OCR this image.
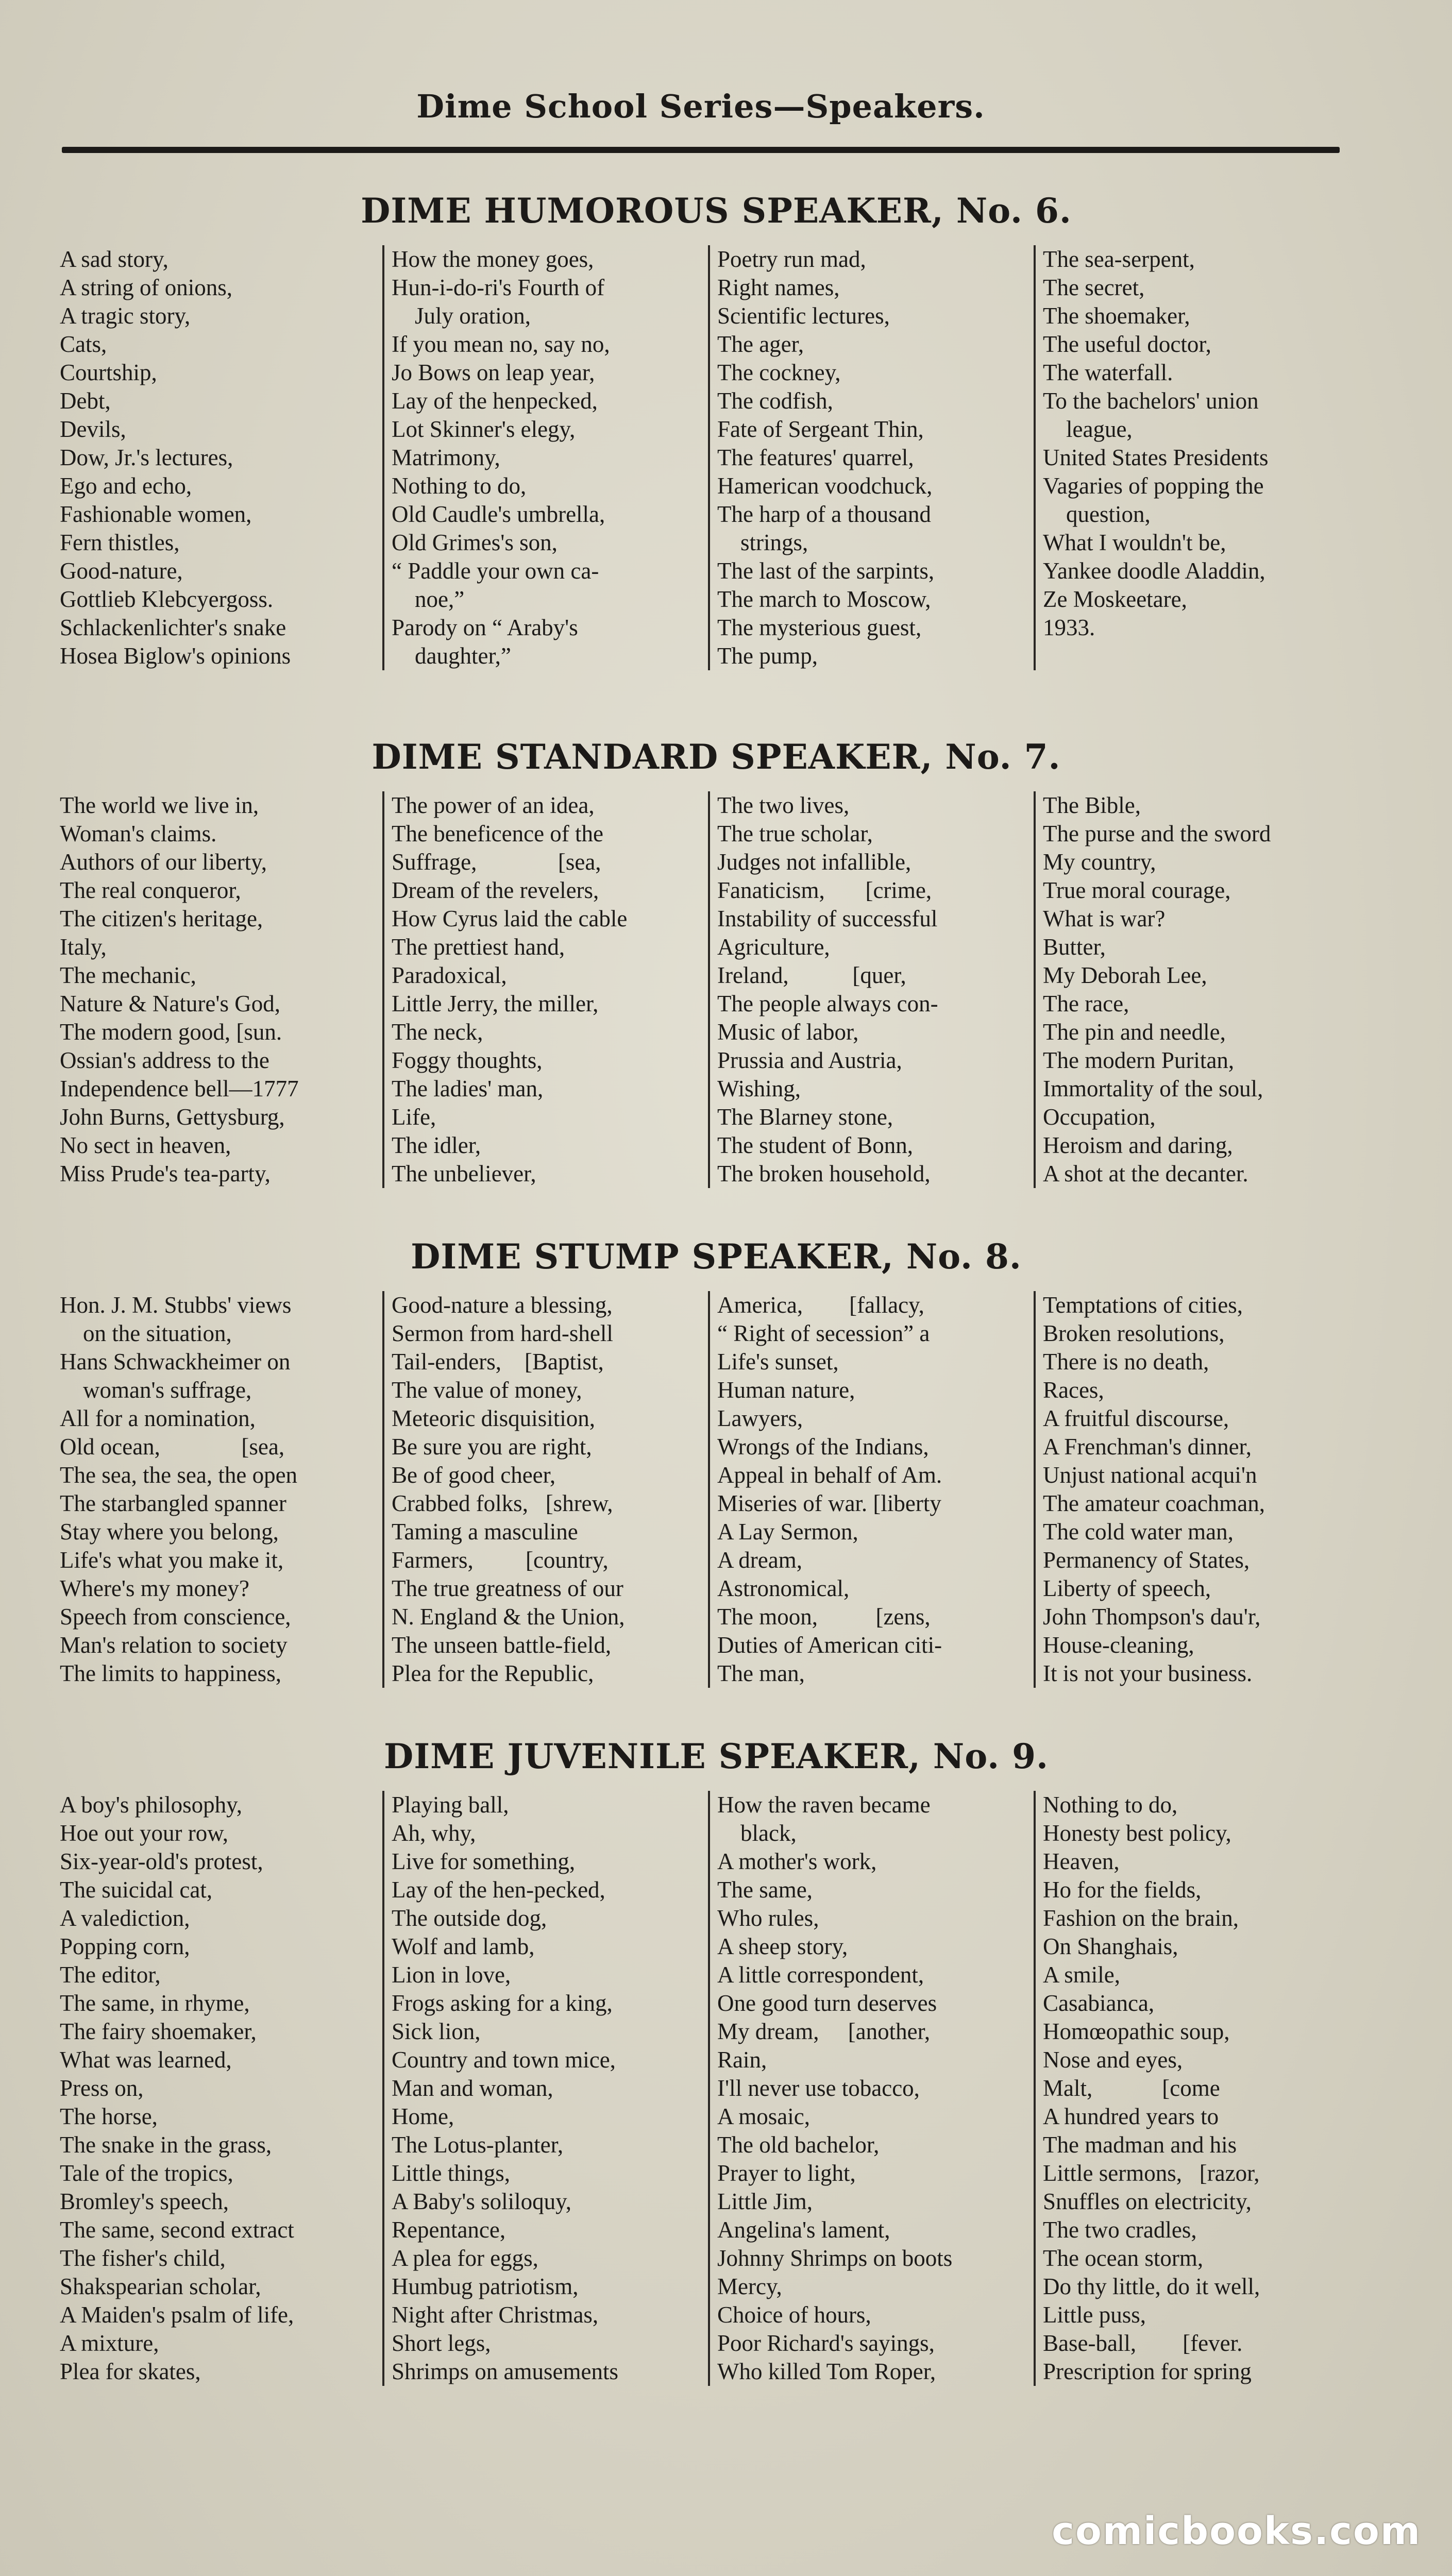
Dime School Series—Speakers.
DIME HUMOROUS SPEAKER, No. 6.
A sad story,
A string of onions,
A tragic story,
Cats,
Courtship,
Debt,
Devils,
Dow, Jr.'s lectures,
Ego and echo,
Fashionable women,
Fern thistles,
Good-nature,
Gottlieb Klebcyergoss.
Schlackenlichter's snake
Hosea Biglow's opinions
How the money goes,
Hun-i-do-ri's Fourth of
July oration,
If you mean no, say no,
Jo Bows on leap year,
Lay of the henpecked,
Lot Skinner's elegy,
Matrimony,
Nothing to do,
Old Caudle's umbrella,
Old Grimes's son,
“ Paddle your own ca-
noe,”
Parody on “ Araby's
daughter,”
Poetry run mad,
Right names,
Scientific lectures,
The ager,
The cockney,
The codfish,
Fate of Sergeant Thin,
The features' quarrel,
Hamerican voodchuck,
The harp of a thousand
strings,
The last of the sarpints,
The march to Moscow,
The mysterious guest,
The pump,
The sea-serpent,
The secret,
The shoemaker,
The useful doctor,
The waterfall.
To the bachelors' union
league,
United States Presidents
Vagaries of popping the
question,
What I wouldn't be,
Yankee doodle Aladdin,
Ze Moskeetare,
1933.
DIME STANDARD SPEAKER, No. 7.
The world we live in,
Woman's claims.
Authors of our liberty,
The real conqueror,
The citizen's heritage,
Italy,
The mechanic,
Nature & Nature's God,
The modern good, [sun.
Ossian's address to the
Independence bell—1777
John Burns, Gettysburg,
No sect in heaven,
Miss Prude's tea-party,
The power of an idea,
The beneficence of the
Suffrage,              [sea,
Dream of the revelers,
How Cyrus laid the cable
The prettiest hand,
Paradoxical,
Little Jerry, the miller,
The neck,
Foggy thoughts,
The ladies' man,
Life,
The idler,
The unbeliever,
The two lives,
The true scholar,
Judges not infallible,
Fanaticism,       [crime,
Instability of successful
Agriculture,
Ireland,           [quer,
The people always con-
Music of labor,
Prussia and Austria,
Wishing,
The Blarney stone,
The student of Bonn,
The broken household,
The Bible,
The purse and the sword
My country,
True moral courage,
What is war?
Butter,
My Deborah Lee,
The race,
The pin and needle,
The modern Puritan,
Immortality of the soul,
Occupation,
Heroism and daring,
A shot at the decanter.
DIME STUMP SPEAKER, No. 8.
Hon. J. M. Stubbs' views
on the situation,
Hans Schwackheimer on
woman's suffrage,
All for a nomination,
Old ocean,              [sea,
The sea, the sea, the open
The starbangled spanner
Stay where you belong,
Life's what you make it,
Where's my money?
Speech from conscience,
Man's relation to society
The limits to happiness,
Good-nature a blessing,
Sermon from hard-shell
Tail-enders,    [Baptist,
The value of money,
Meteoric disquisition,
Be sure you are right,
Be of good cheer,
Crabbed folks,   [shrew,
Taming a masculine
Farmers,         [country,
The true greatness of our
N. England & the Union,
The unseen battle-field,
Plea for the Republic,
America,        [fallacy,
“ Right of secession” a
Life's sunset,
Human nature,
Lawyers,
Wrongs of the Indians,
Appeal in behalf of Am.
Miseries of war. [liberty
A Lay Sermon,
A dream,
Astronomical,
The moon,          [zens,
Duties of American citi-
The man,
Temptations of cities,
Broken resolutions,
There is no death,
Races,
A fruitful discourse,
A Frenchman's dinner,
Unjust national acqui'n
The amateur coachman,
The cold water man,
Permanency of States,
Liberty of speech,
John Thompson's dau'r,
House-cleaning,
It is not your business.
DIME JUVENILE SPEAKER, No. 9.
A boy's philosophy,
Hoe out your row,
Six-year-old's protest,
The suicidal cat,
A valediction,
Popping corn,
The editor,
The same, in rhyme,
The fairy shoemaker,
What was learned,
Press on,
The horse,
The snake in the grass,
Tale of the tropics,
Bromley's speech,
The same, second extract
The fisher's child,
Shakspearian scholar,
A Maiden's psalm of life,
A mixture,
Plea for skates,
Playing ball,
Ah, why,
Live for something,
Lay of the hen-pecked,
The outside dog,
Wolf and lamb,
Lion in love,
Frogs asking for a king,
Sick lion,
Country and town mice,
Man and woman,
Home,
The Lotus-planter,
Little things,
A Baby's soliloquy,
Repentance,
A plea for eggs,
Humbug patriotism,
Night after Christmas,
Short legs,
Shrimps on amusements
How the raven became
black,
A mother's work,
The same,
Who rules,
A sheep story,
A little correspondent,
One good turn deserves
My dream,     [another,
Rain,
I'll never use tobacco,
A mosaic,
The old bachelor,
Prayer to light,
Little Jim,
Angelina's lament,
Johnny Shrimps on boots
Mercy,
Choice of hours,
Poor Richard's sayings,
Who killed Tom Roper,
Nothing to do,
Honesty best policy,
Heaven,
Ho for the fields,
Fashion on the brain,
On Shanghais,
A smile,
Casabianca,
Homœopathic soup,
Nose and eyes,
Malt,            [come
A hundred years to
The madman and his
Little sermons,   [razor,
Snuffles on electricity,
The two cradles,
The ocean storm,
Do thy little, do it well,
Little puss,
Base-ball,        [fever.
Prescription for spring
comicbooks.com
